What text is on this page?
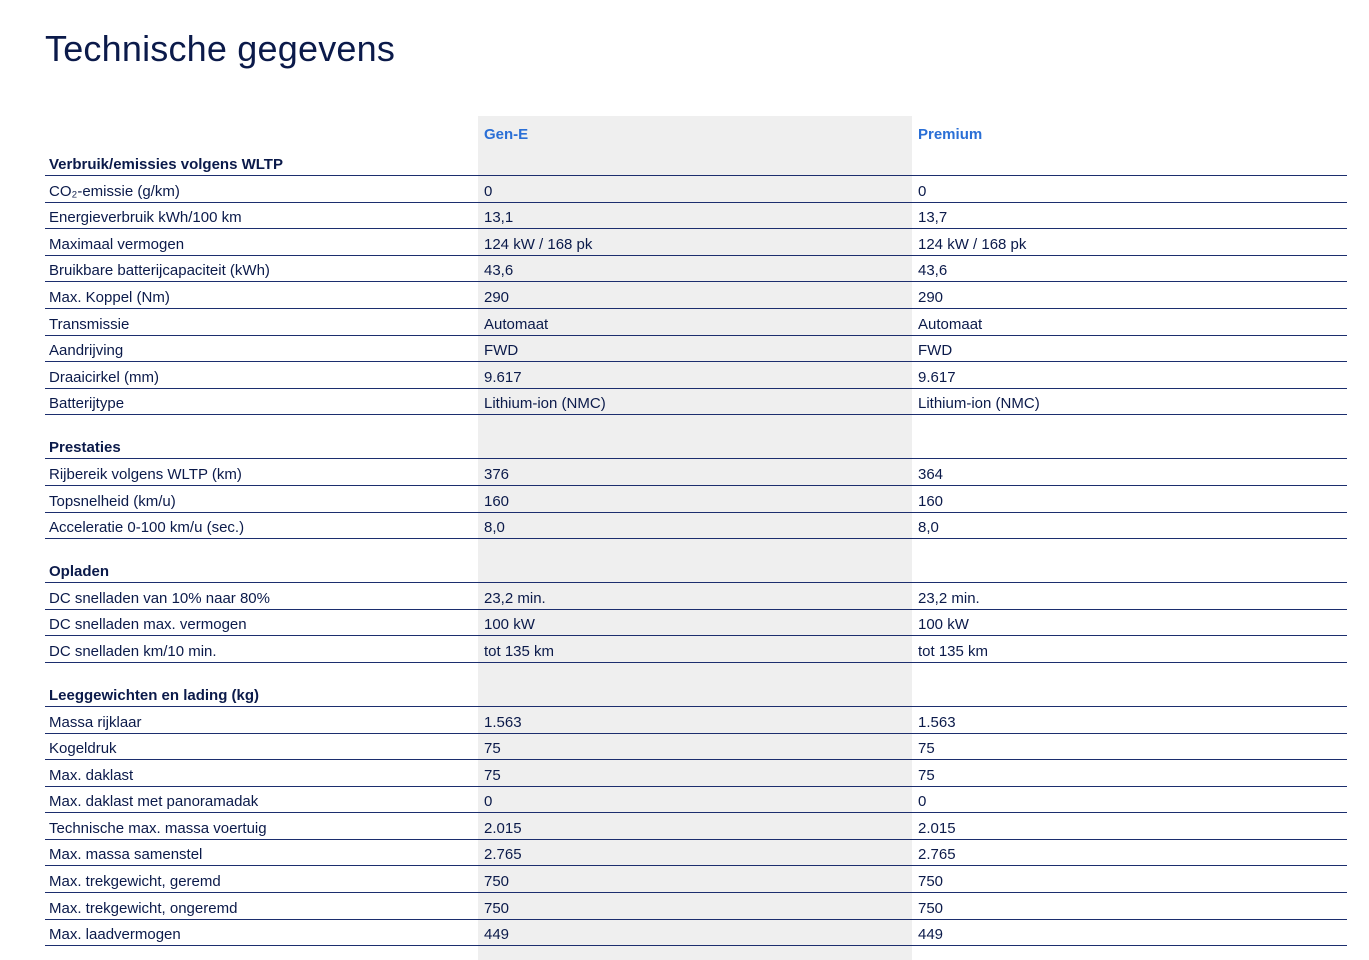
Technische gegevens
Gen-E	Premium
Verbruik/emissies volgens WLTP
CO₂-emissie (g/km)	0	0
Energieverbruik kWh/100 km	13,1	13,7
Maximaal vermogen	124 kW / 168 pk	124 kW / 168 pk
Bruikbare batterijcapaciteit (kWh)	43,6	43,6
Max. Koppel (Nm)	290	290
Transmissie	Automaat	Automaat
Aandrijving	FWD	FWD
Draaicirkel (mm)	9.617	9.617
Batterijtype	Lithium-ion (NMC)	Lithium-ion (NMC)
Prestaties
Rijbereik volgens WLTP (km)	376	364
Topsnelheid (km/u)	160	160
Acceleratie 0-100 km/u (sec.)	8,0	8,0
Opladen
DC snelladen van 10% naar 80%	23,2 min.	23,2 min.
DC snelladen max. vermogen	100 kW	100 kW
DC snelladen km/10 min.	tot 135 km	tot 135 km
Leeggewichten en lading (kg)
Massa rijklaar	1.563	1.563
Kogeldruk	75	75
Max. daklast	75	75
Max. daklast met panoramadak	0	0
Technische max. massa voertuig	2.015	2.015
Max. massa samenstel	2.765	2.765
Max. trekgewicht, geremd	750	750
Max. trekgewicht, ongeremd	750	750
Max. laadvermogen	449	449
